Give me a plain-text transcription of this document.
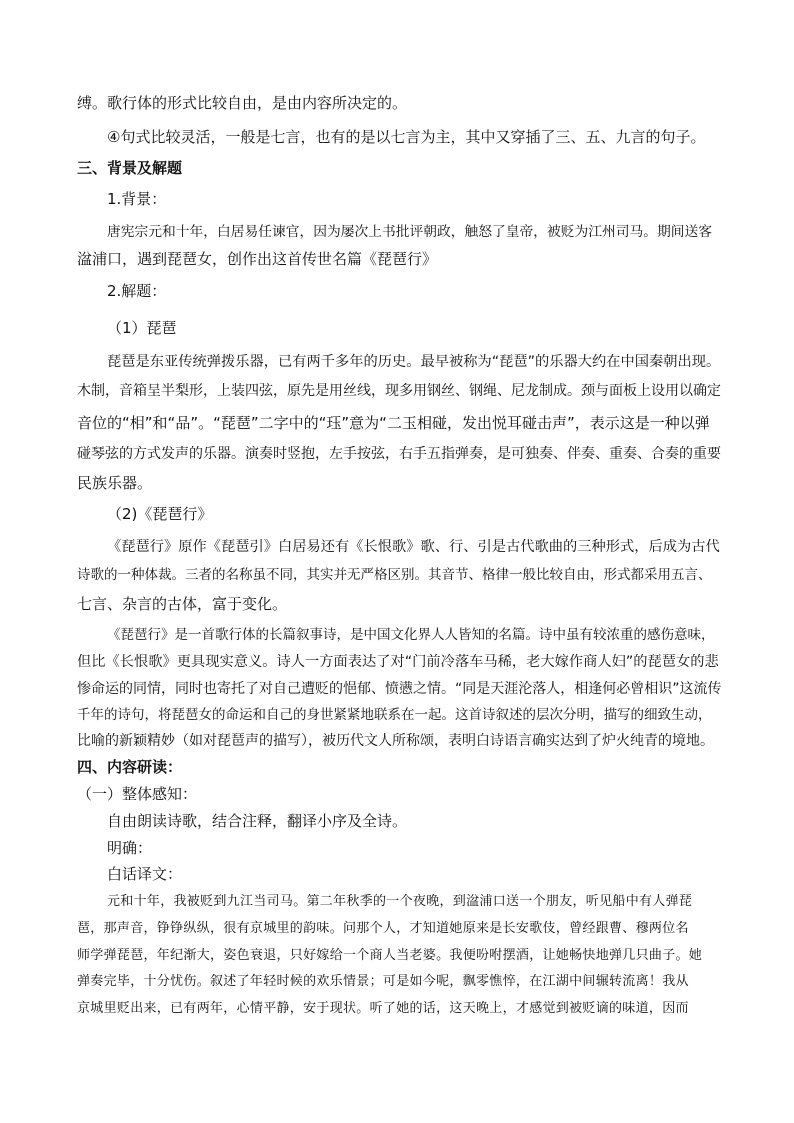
缚。歌行体的形式比较自由，是由内容所决定的。
④句式比较灵活，一般是七言，也有的是以七言为主，其中又穿插了三、五、九言的句子。
三、背景及解题
1.背景：
唐宪宗元和十年，白居易任谏官，因为屡次上书批评朝政，触怒了皇帝，被贬为江州司马。期间送客
湓浦口，遇到琵琶女，创作出这首传世名篇《琵琶行》
2.解题：
（1）琵琶
琵琶是东亚传统弹拨乐器，已有两千多年的历史。最早被称为“琵琶”的乐器大约在中国秦朝出现。
木制，音箱呈半梨形，上装四弦，原先是用丝线，现多用钢丝、钢绳、尼龙制成。颈与面板上设用以确定
音位的“相”和“品”。“琵琶”二字中的“珏”意为“二玉相碰，发出悦耳碰击声”，表示这是一种以弹
碰琴弦的方式发声的乐器。演奏时竖抱，左手按弦，右手五指弹奏，是可独奏、伴奏、重奏、合奏的重要
民族乐器。
（2)《琵琶行》
《琵琶行》原作《琵琶引》白居易还有《长恨歌》歌、行、引是古代歌曲的三种形式，后成为古代
诗歌的一种体裁。三者的名称虽不同，其实并无严格区别。其音节、格律一般比较自由，形式都采用五言、
七言、杂言的古体，富于变化。
《琵琶行》是一首歌行体的长篇叙事诗，是中国文化界人人皆知的名篇。诗中虽有较浓重的感伤意味，
但比《长恨歌》更具现实意义。诗人一方面表达了对“门前冷落车马稀，老大嫁作商人妇”的琵琶女的悲
惨命运的同情，同时也寄托了对自己遭贬的悒郁、愤懑之情。“同是天涯沦落人，相逢何必曾相识”这流传
千年的诗句，将琵琶女的命运和自己的身世紧紧地联系在一起。这首诗叙述的层次分明，描写的细致生动，
比喻的新颖精妙（如对琵琶声的描写），被历代文人所称颂，表明白诗语言确实达到了炉火纯青的境地。
四、内容研读：
（一）整体感知：
自由朗读诗歌，结合注释，翻译小序及全诗。
明确：
白话译文：
元和十年，我被贬到九江当司马。第二年秋季的一个夜晚，到湓浦口送一个朋友，听见船中有人弹琵
琶，那声音，铮铮纵纵，很有京城里的韵味。问那个人，才知道她原来是长安歌伎，曾经跟曹、穆两位名
师学弹琵琶，年纪渐大，姿色衰退，只好嫁给一个商人当老婆。我便吩咐摆酒，让她畅快地弹几只曲子。她
弹奏完毕，十分忧伤。叙述了年轻时候的欢乐情景；可是如今呢，飘零憔悴，在江湖中间辗转流离！我从
京城里贬出来，已有两年，心情平静，安于现状。听了她的话，这天晚上，才感觉到被贬谪的味道，因而
